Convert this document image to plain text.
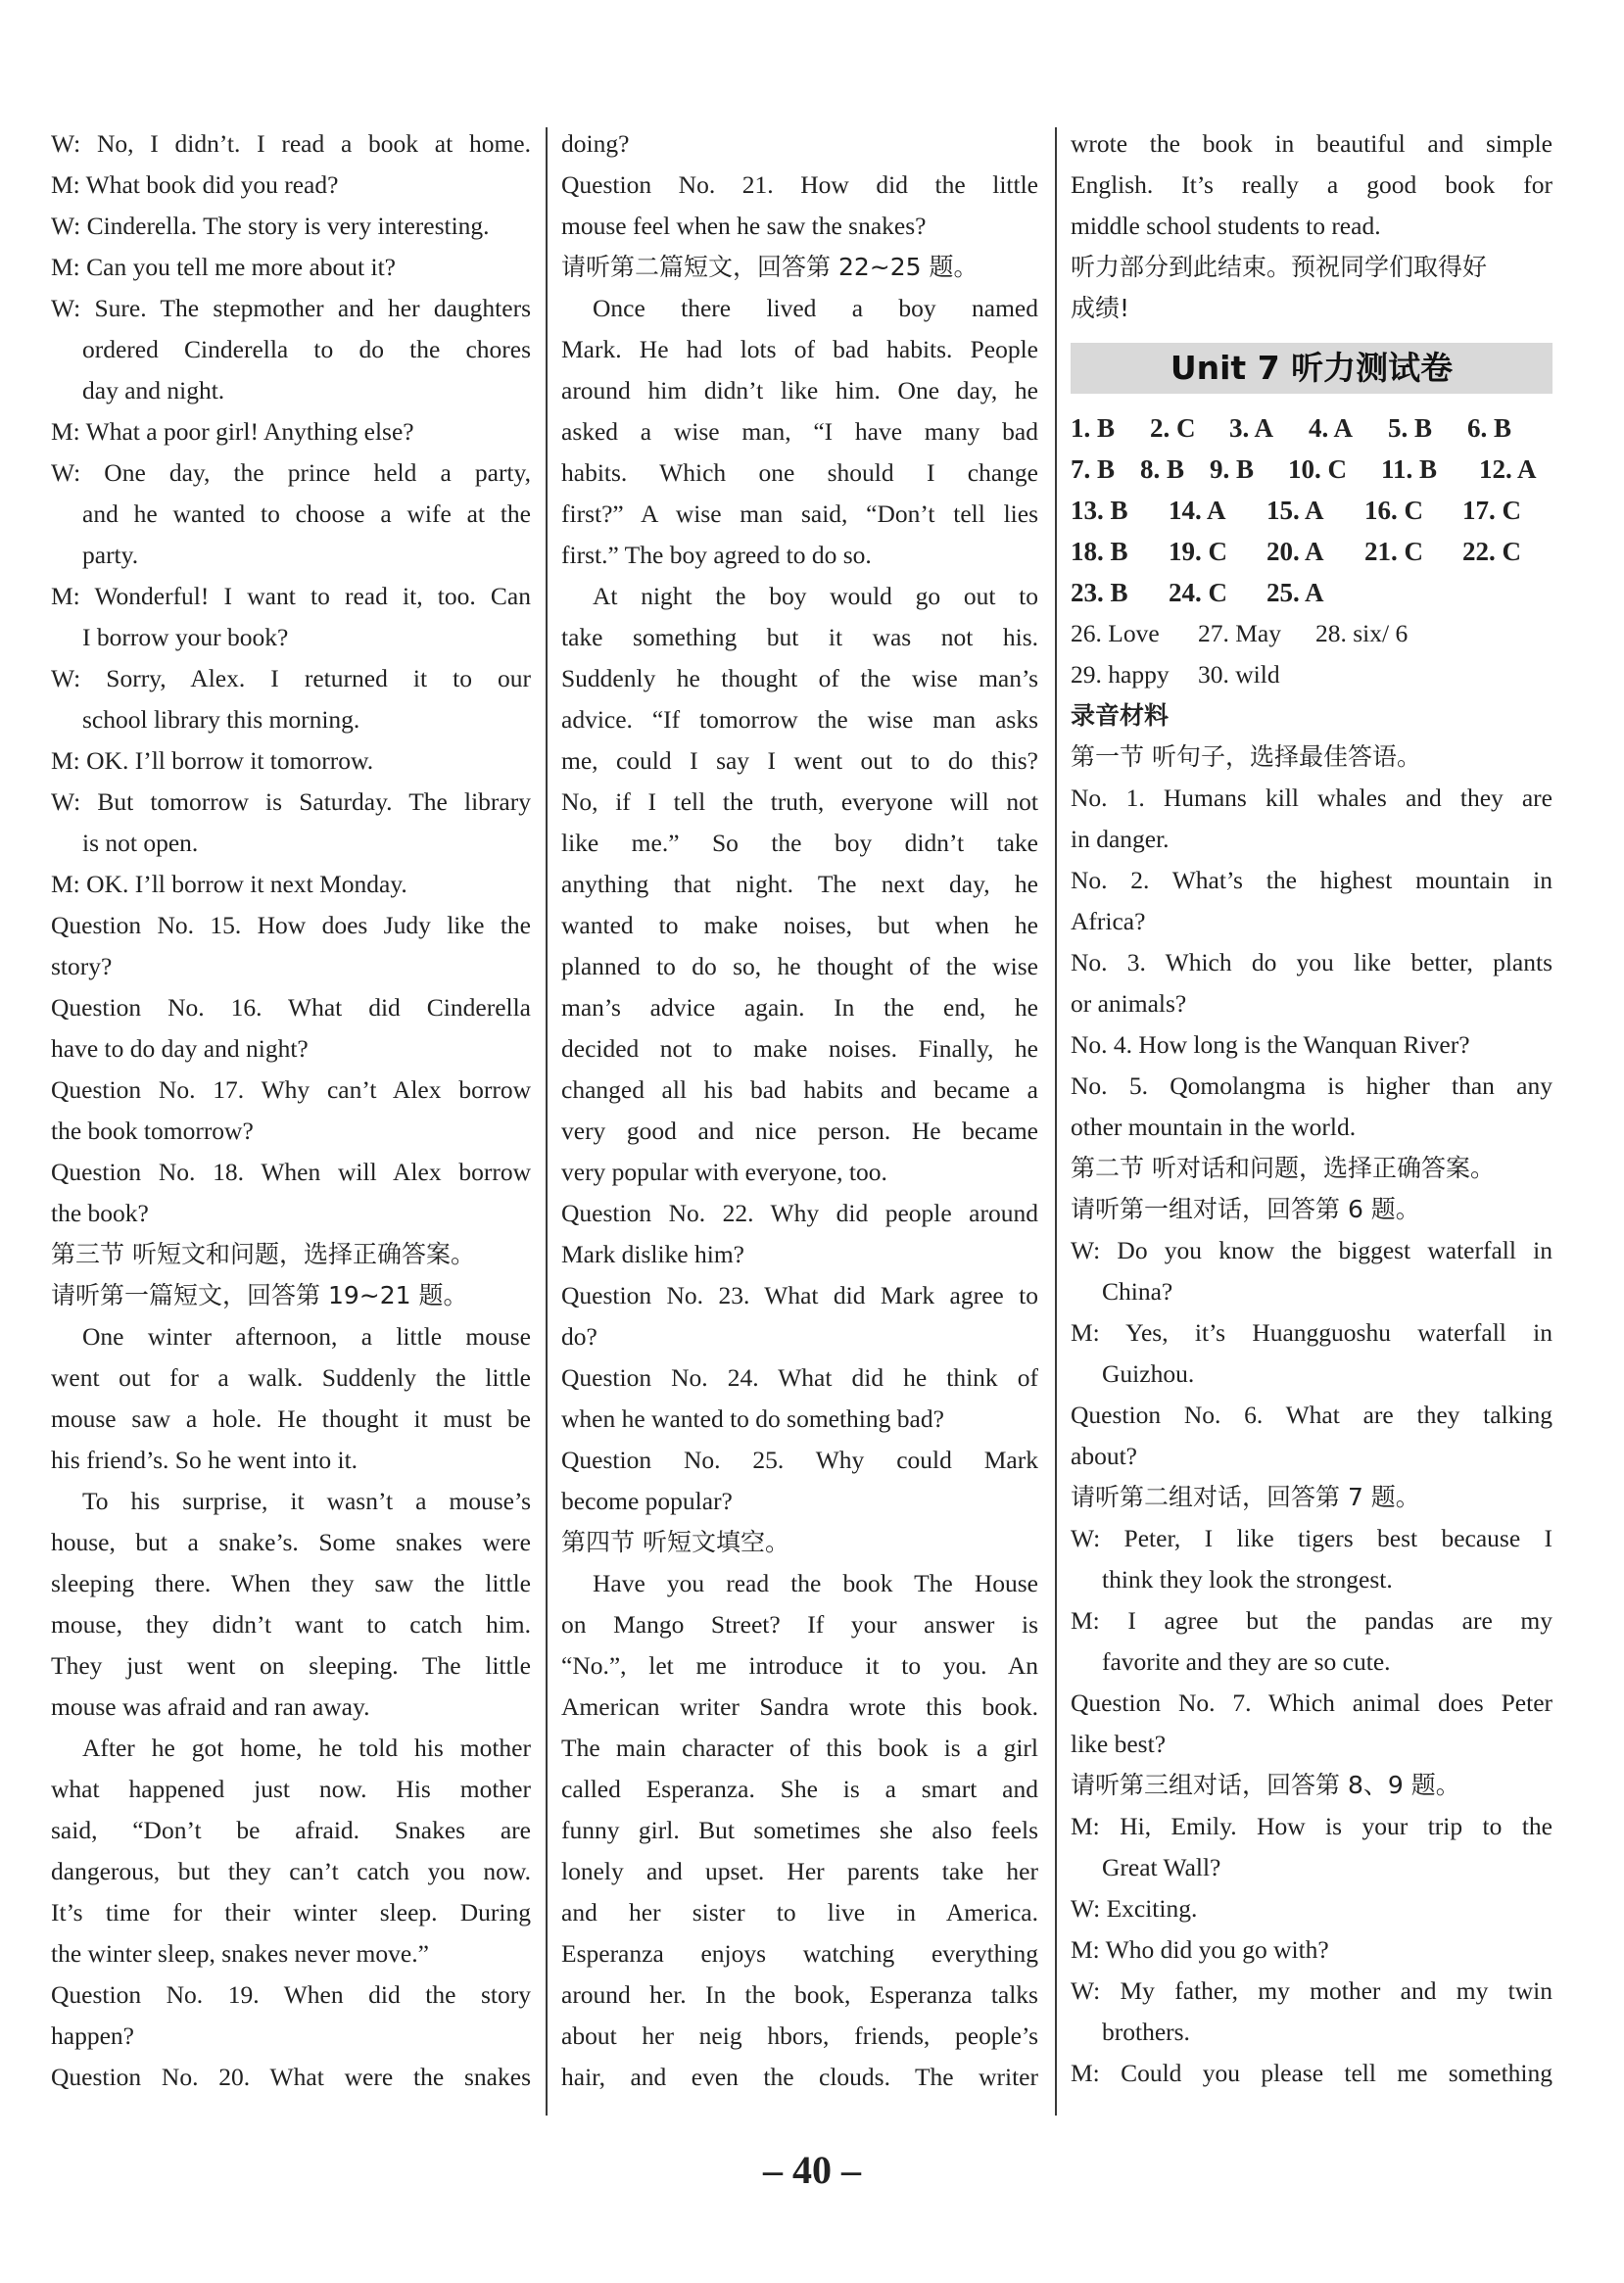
W: No, I didn’t. I read a book at home.
M: What book did you read?
W: Cinderella. The story is very interesting.
M: Can you tell me more about it?
W: Sure. The stepmother and her daughters
ordered Cinderella to do the chores
day and night.
M: What a poor girl! Anything else?
W: One day, the prince held a party,
and he wanted to choose a wife at the
party.
M: Wonderful! I want to read it, too. Can
I borrow your book?
W: Sorry, Alex. I returned it to our
school library this morning.
M: OK. I’ll borrow it tomorrow.
W: But tomorrow is Saturday. The library
is not open.
M: OK. I’ll borrow it next Monday.
Question No. 15. How does Judy like the
story?
Question No. 16. What did Cinderella
have to do day and night?
Question No. 17. Why can’t Alex borrow
the book tomorrow?
Question No. 18. When will Alex borrow
the book?
第三节 听短文和问题，选择正确答案。
请听第一篇短文，回答第 19~21 题。
One winter afternoon, a little mouse
went out for a walk. Suddenly the little
mouse saw a hole. He thought it must be
his friend’s. So he went into it.
To his surprise, it wasn’t a mouse’s
house, but a snake’s. Some snakes were
sleeping there. When they saw the little
mouse, they didn’t want to catch him.
They just went on sleeping. The little
mouse was afraid and ran away.
After he got home, he told his mother
what happened just now. His mother
said, “Don’t be afraid. Snakes are
dangerous, but they can’t catch you now.
It’s time for their winter sleep. During
the winter sleep, snakes never move.”
Question No. 19. When did the story
happen?
Question No. 20. What were the snakes
doing?
Question No. 21. How did the little
mouse feel when he saw the snakes?
请听第二篇短文，回答第 22~25 题。
Once there lived a boy named
Mark. He had lots of bad habits. People
around him didn’t like him. One day, he
asked a wise man, “I have many bad
habits. Which one should I change
first?” A wise man said, “Don’t tell lies
first.” The boy agreed to do so.
At night the boy would go out to
take something but it was not his.
Suddenly he thought of the wise man’s
advice. “If tomorrow the wise man asks
me, could I say I went out to do this?
No, if I tell the truth, everyone will not
like me.” So the boy didn’t take
anything that night. The next day, he
wanted to make noises, but when he
planned to do so, he thought of the wise
man’s advice again. In the end, he
decided not to make noises. Finally, he
changed all his bad habits and became a
very good and nice person. He became
very popular with everyone, too.
Question No. 22. Why did people around
Mark dislike him?
Question No. 23. What did Mark agree to
do?
Question No. 24. What did he think of
when he wanted to do something bad?
Question No. 25. Why could Mark
become popular?
第四节 听短文填空。
Have you read the book The House
on Mango Street? If your answer is
“No.”, let me introduce it to you. An
American writer Sandra wrote this book.
The main character of this book is a girl
called Esperanza. She is a smart and
funny girl. But sometimes she also feels
lonely and upset. Her parents take her
and her sister to live in America.
Esperanza enjoys watching everything
around her. In the book, Esperanza talks
about her neig hbors, friends, people’s
hair, and even the clouds. The writer
wrote the book in beautiful and simple
English. It’s really a good book for
middle school students to read.
听力部分到此结束。预祝同学们取得好
成绩!
Unit 7 听力测试卷
1. B 2. C 3. A 4. A 5. B 6. B
7. B 8. B 9. B 10. C 11. B 12. A
13. B 14. A 15. A 16. C 17. C
18. B 19. C 20. A 21. C 22. C
23. B 24. C 25. A
26. Love 27. May 28. six/ 6
29. happy 30. wild
录音材料
第一节 听句子，选择最佳答语。
No. 1. Humans kill whales and they are
in danger.
No. 2. What’s the highest mountain in
Africa?
No. 3. Which do you like better, plants
or animals?
No. 4. How long is the Wanquan River?
No. 5. Qomolangma is higher than any
other mountain in the world.
第二节 听对话和问题，选择正确答案。
请听第一组对话，回答第 6 题。
W: Do you know the biggest waterfall in
China?
M: Yes, it’s Huangguoshu waterfall in
Guizhou.
Question No. 6. What are they talking
about?
请听第二组对话，回答第 7 题。
W: Peter, I like tigers best because I
think they look the strongest.
M: I agree but the pandas are my
favorite and they are so cute.
Question No. 7. Which animal does Peter
like best?
请听第三组对话，回答第 8、9 题。
M: Hi, Emily. How is your trip to the
Great Wall?
W: Exciting.
M: Who did you go with?
W: My father, my mother and my twin
brothers.
M: Could you please tell me something
– 40 –
